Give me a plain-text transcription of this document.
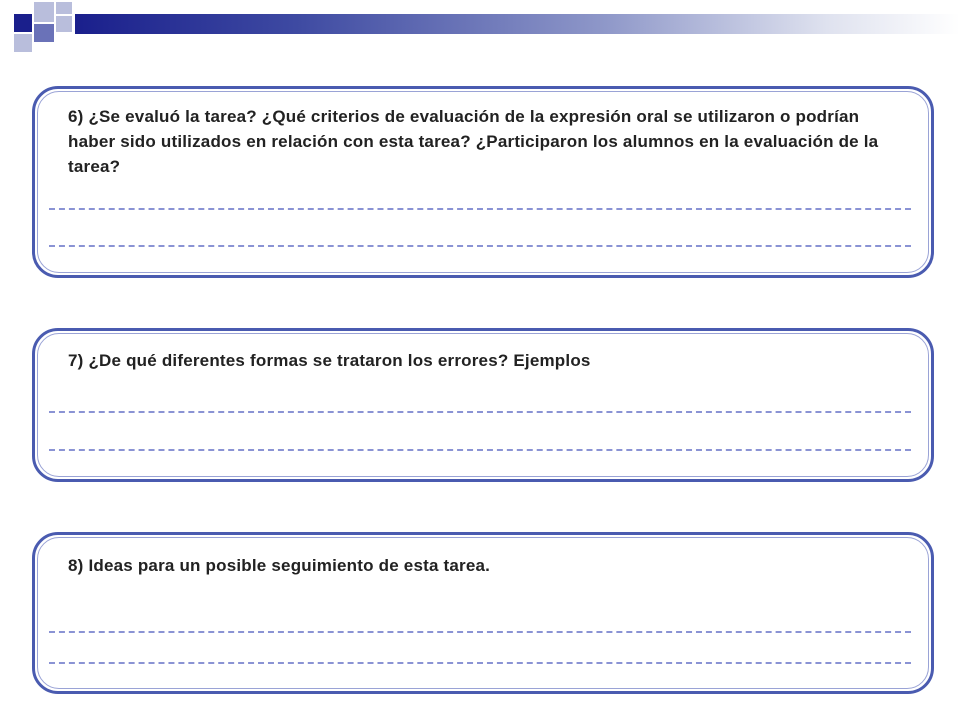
6) ¿Se evaluó la tarea? ¿Qué criterios de evaluación de la expresión oral se utilizaron o podrían haber sido utilizados en relación con esta tarea? ¿Participaron los alumnos en la evaluación de la tarea?
7) ¿De qué diferentes formas se trataron los errores? Ejemplos
8) Ideas para un posible seguimiento de esta tarea.
